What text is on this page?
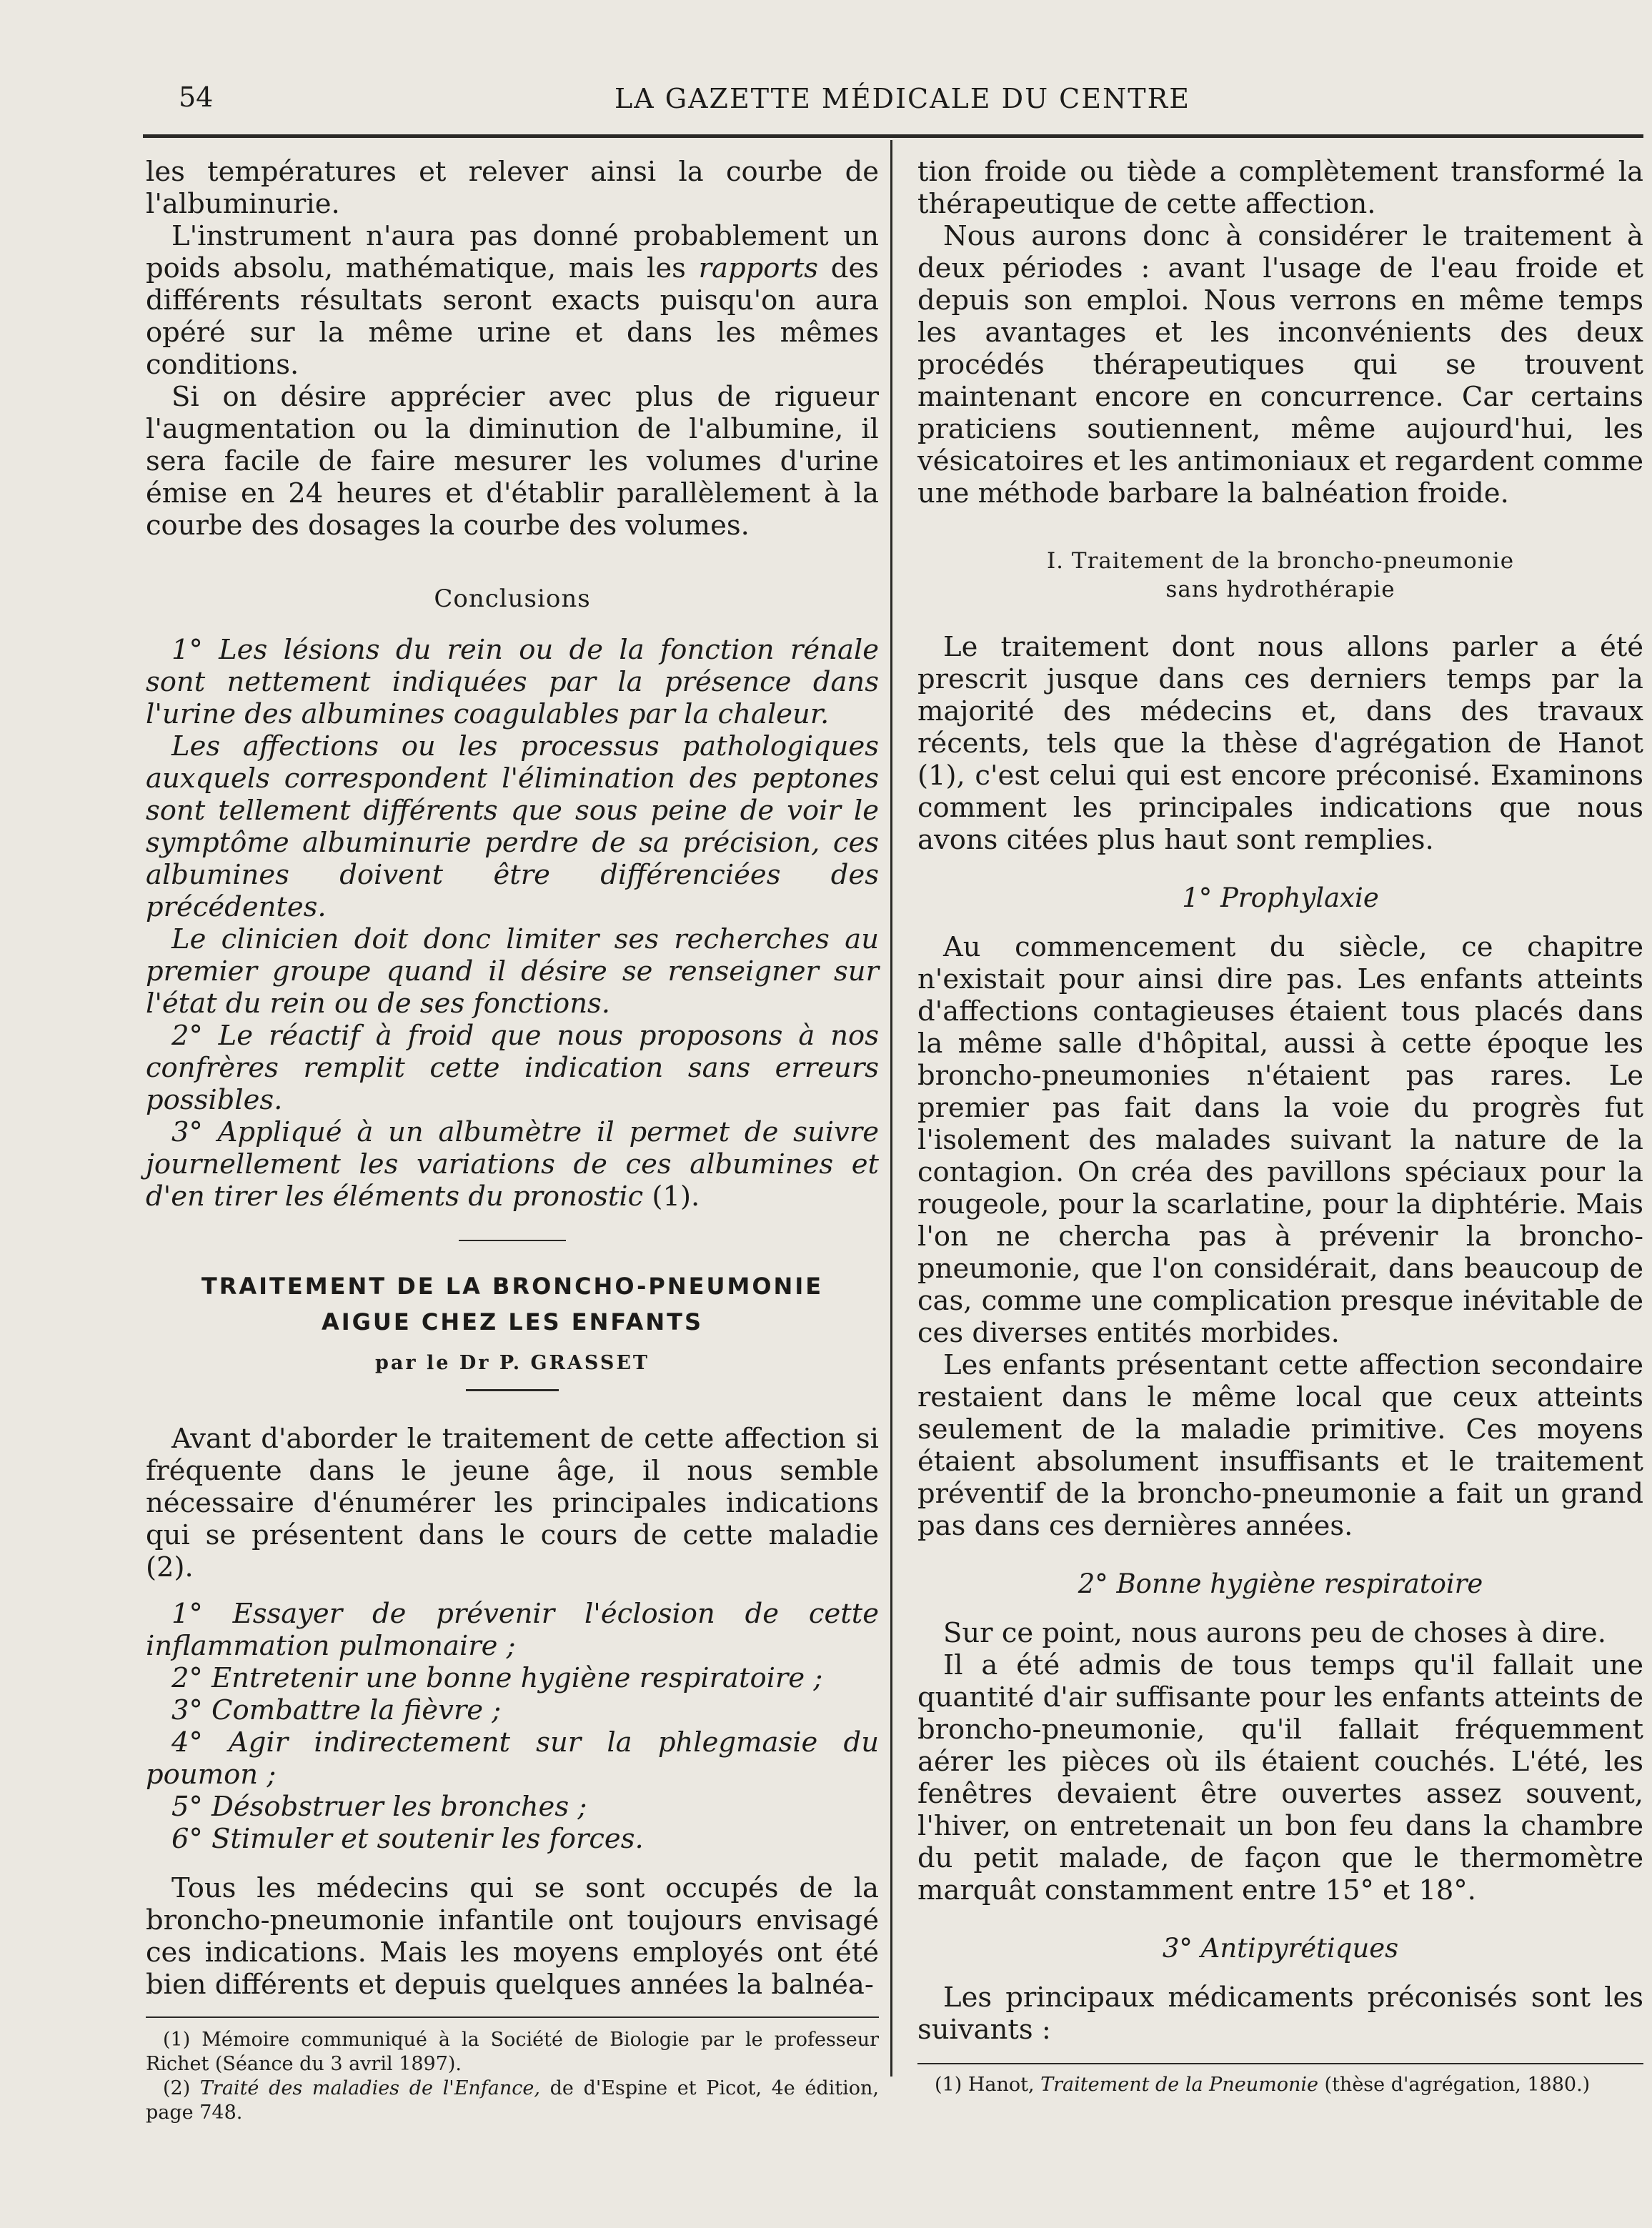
54	LA GAZETTE MÉDICALE DU CENTRE

les températures et relever ainsi la courbe de l'albuminurie.

L'instrument n'aura pas donné probablement un poids absolu, mathématique, mais les rapports des différents résultats seront exacts puisqu'on aura opéré sur la même urine et dans les mêmes conditions.

Si on désire apprécier avec plus de rigueur l'augmentation ou la diminution de l'albumine, il sera facile de faire mesurer les volumes d'urine émise en 24 heures et d'établir parallèlement à la courbe des dosages la courbe des volumes.

Conclusions

1° Les lésions du rein ou de la fonction rénale sont nettement indiquées par la présence dans l'urine des albumines coagulables par la chaleur.

Les affections ou les processus pathologiques auxquels correspondent l'élimination des peptones sont tellement différents que sous peine de voir le symptôme albuminurie perdre de sa précision, ces albumines doivent être différenciées des précédentes.

Le clinicien doit donc limiter ses recherches au premier groupe quand il désire se renseigner sur l'état du rein ou de ses fonctions.

2° Le réactif à froid que nous proposons à nos confrères remplit cette indication sans erreurs possibles.

3° Appliqué à un albumètre il permet de suivre journellement les variations de ces albumines et d'en tirer les éléments du pronostic (1).

TRAITEMENT DE LA BRONCHO-PNEUMONIE
AIGUE CHEZ LES ENFANTS
par le Dr P. GRASSET

Avant d'aborder le traitement de cette affection si fréquente dans le jeune âge, il nous semble nécessaire d'énumérer les principales indications qui se présentent dans le cours de cette maladie (2).

1° Essayer de prévenir l'éclosion de cette inflammation pulmonaire ;
2° Entretenir une bonne hygiène respiratoire ;
3° Combattre la fièvre ;
4° Agir indirectement sur la phlegmasie du poumon ;
5° Désobstruer les bronches ;
6° Stimuler et soutenir les forces.

Tous les médecins qui se sont occupés de la broncho-pneumonie infantile ont toujours envisagé ces indications. Mais les moyens employés ont été bien différents et depuis quelques années la balnéa-

(1) Mémoire communiqué à la Société de Biologie par le professeur Richet (Séance du 3 avril 1897).

(2) Traité des maladies de l'Enfance, de d'Espine et Picot, 4e édition, page 748.

tion froide ou tiède a complètement transformé la thérapeutique de cette affection.

Nous aurons donc à considérer le traitement à deux périodes : avant l'usage de l'eau froide et depuis son emploi. Nous verrons en même temps les avantages et les inconvénients des deux procédés thérapeutiques qui se trouvent maintenant encore en concurrence. Car certains praticiens soutiennent, même aujourd'hui, les vésicatoires et les antimoniaux et regardent comme une méthode barbare la balnéation froide.

I. Traitement de la broncho-pneumonie
sans hydrothérapie

Le traitement dont nous allons parler a été prescrit jusque dans ces derniers temps par la majorité des médecins et, dans des travaux récents, tels que la thèse d'agrégation de Hanot (1), c'est celui qui est encore préconisé. Examinons comment les principales indications que nous avons citées plus haut sont remplies.

1° Prophylaxie

Au commencement du siècle, ce chapitre n'existait pour ainsi dire pas. Les enfants atteints d'affections contagieuses étaient tous placés dans la même salle d'hôpital, aussi à cette époque les broncho-pneumonies n'étaient pas rares. Le premier pas fait dans la voie du progrès fut l'isolement des malades suivant la nature de la contagion. On créa des pavillons spéciaux pour la rougeole, pour la scarlatine, pour la diphtérie. Mais l'on ne chercha pas à prévenir la broncho-pneumonie, que l'on considérait, dans beaucoup de cas, comme une complication presque inévitable de ces diverses entités morbides.

Les enfants présentant cette affection secondaire restaient dans le même local que ceux atteints seulement de la maladie primitive. Ces moyens étaient absolument insuffisants et le traitement préventif de la broncho-pneumonie a fait un grand pas dans ces dernières années.

2° Bonne hygiène respiratoire

Sur ce point, nous aurons peu de choses à dire.

Il a été admis de tous temps qu'il fallait une quantité d'air suffisante pour les enfants atteints de broncho-pneumonie, qu'il fallait fréquemment aérer les pièces où ils étaient couchés. L'été, les fenêtres devaient être ouvertes assez souvent, l'hiver, on entretenait un bon feu dans la chambre du petit malade, de façon que le thermomètre marquât constamment entre 15° et 18°.

3° Antipyrétiques

Les principaux médicaments préconisés sont les suivants :

(1) Hanot, Traitement de la Pneumonie (thèse d'agrégation, 1880.)
